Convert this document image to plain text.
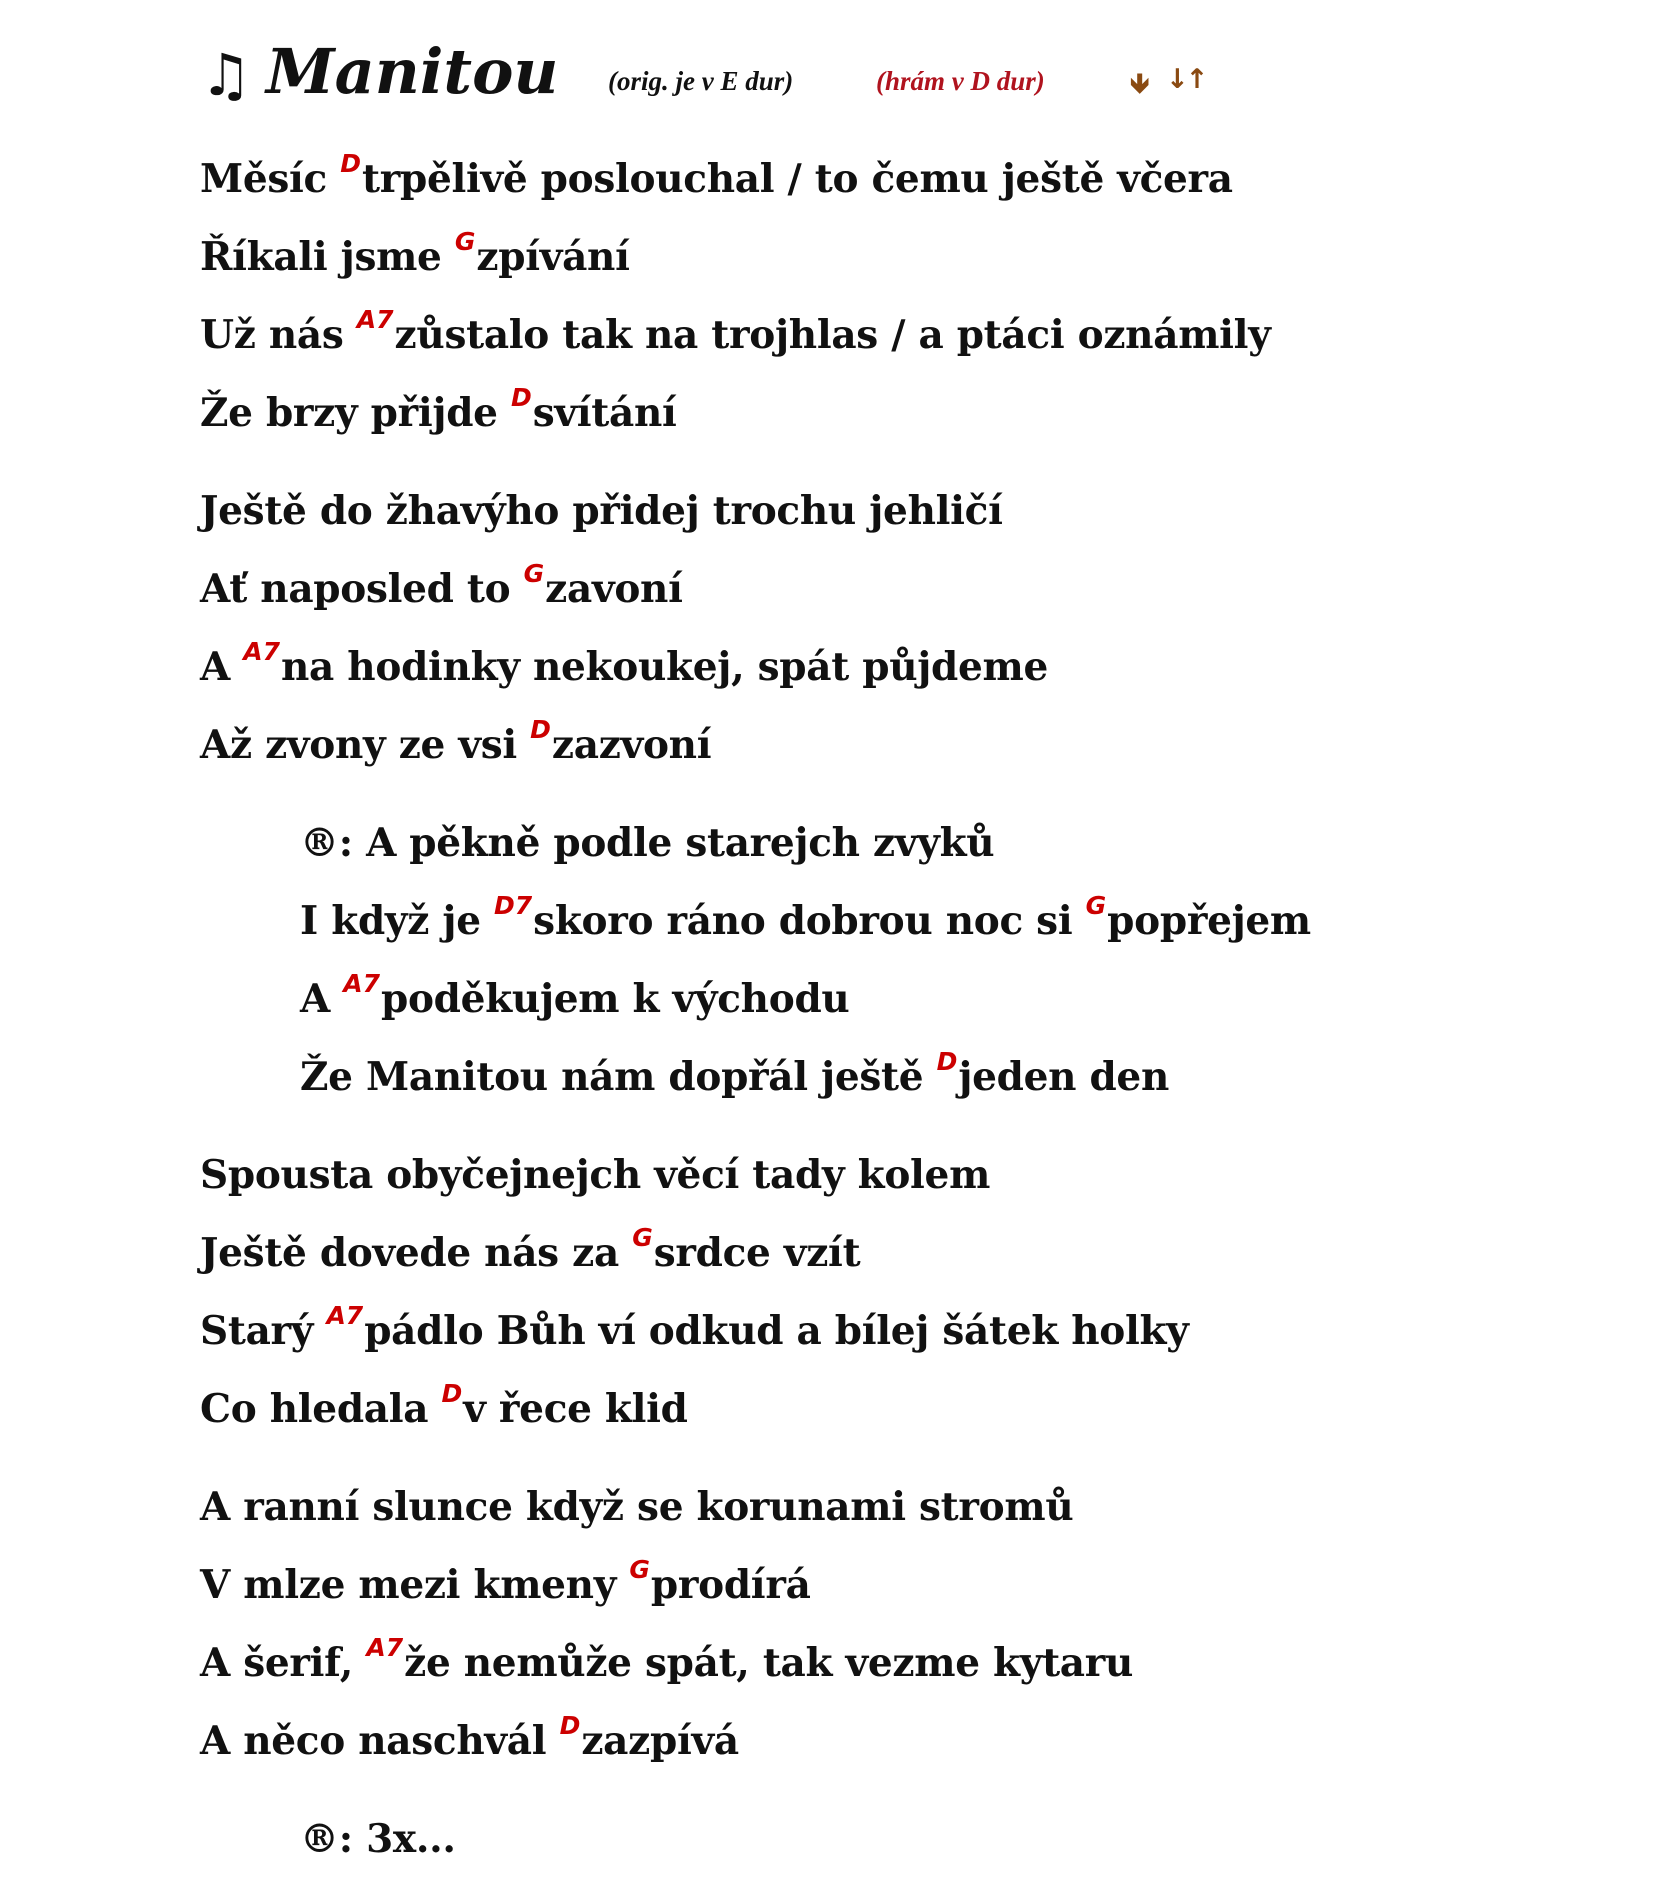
♫ Manitou (orig. je v E dur)	(hrám v D dur)	🡻 ↓↑
Měsíc $^D$trpělivě poslouchal / to čemu ještě včera
Říkali jsme $^G$zpívání
Už nás $^{A7}$zůstalo tak na trojhlas / a ptáci oznámily
Že brzy přijde $^D$svítání
Ještě do žhavýho přidej trochu jehličí
Ať naposled to $^G$zavoní
A $^{A7}$na hodinky nekoukej, spát půjdeme
Až zvony ze vsi $^D$zazvoní
®: A pěkně podle starejch zvyků
I když je $^{D7}$skoro ráno dobrou noc si $^G$popřejem
A $^{A7}$poděkujem k východu
Že Manitou nám dopřál ještě $^D$jeden den
Spousta obyčejnejch věcí tady kolem
Ještě dovede nás za $^G$srdce vzít
Starý $^{A7}$pádlo Bůh ví odkud a bílej šátek holky
Co hledala $^D$v řece klid
A ranní slunce když se korunami stromů
V mlze mezi kmeny $^G$prodírá
A šerif, $^{A7}$že nemůže spát, tak vezme kytaru
A něco naschvál $^D$zazpívá
®: 3x...
